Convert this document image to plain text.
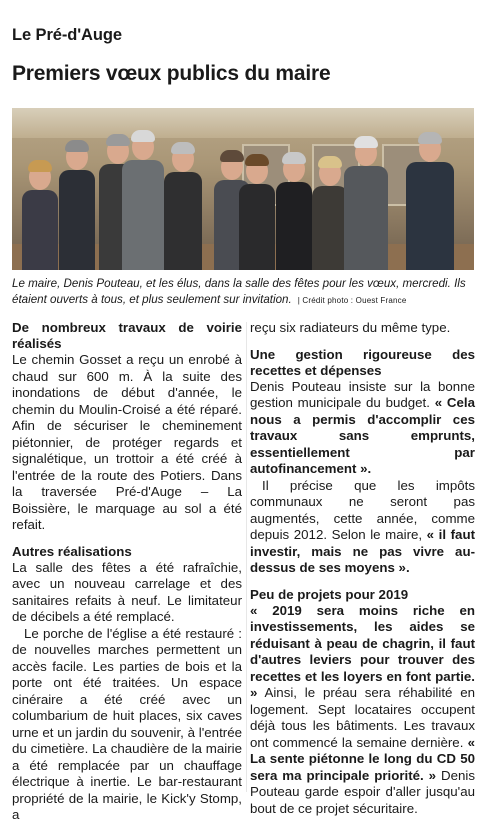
Le Pré-d'Auge
Premiers vœux publics du maire
Le maire, Denis Pouteau, et les élus, dans la salle des fêtes pour les vœux, mercredi. Ils étaient ouverts à tous, et plus seulement sur invitation. | Crédit photo : Ouest France
De nombreux travaux de voirie réalisés

Le chemin Gosset a reçu un enrobé à chaud sur 600 m. À la suite des inondations de début d'année, le chemin du Moulin-Croisé a été réparé. Afin de sécuriser le cheminement piétonnier, de protéger regards et signalétique, un trottoir a été créé à l'entrée de la route des Potiers. Dans la traversée Pré-d'Auge – La Boissière, le marquage au sol a été refait.

Autres réalisations

La salle des fêtes a été rafraîchie, avec un nouveau carrelage et des sanitaires refaits à neuf. Le limitateur de décibels a été remplacé.

Le porche de l'église a été restauré : de nouvelles marches permettent un accès facile. Les parties de bois et la porte ont été traitées. Un espace cinéraire a été créé avec un columbarium de huit places, six caves urne et un jardin du souvenir, à l'entrée du cimetière. La chaudière de la mairie a été remplacée par un chauffage électrique à inertie. Le bar-restaurant propriété de la mairie, le Kick'y Stomp, a

reçu six radiateurs du même type.

Une gestion rigoureuse des recettes et dépenses

Denis Pouteau insiste sur la bonne gestion municipale du budget. « Cela nous a permis d'accomplir ces travaux sans emprunts, essentiellement par autofinancement ».

Il précise que les impôts communaux ne seront pas augmentés, cette année, comme depuis 2012. Selon le maire, « il faut investir, mais ne pas vivre au-dessus de ses moyens ».

Peu de projets pour 2019

« 2019 sera moins riche en investissements, les aides se réduisant à peau de chagrin, il faut d'autres leviers pour trouver des recettes et les loyers en font partie. » Ainsi, le préau sera réhabilité en logement. Sept locataires occupent déjà tous les bâtiments. Les travaux ont commencé la semaine dernière. « La sente piétonne le long du CD 50 sera ma principale priorité. » Denis Pouteau garde espoir d'aller jusqu'au bout de ce projet sécuritaire.
